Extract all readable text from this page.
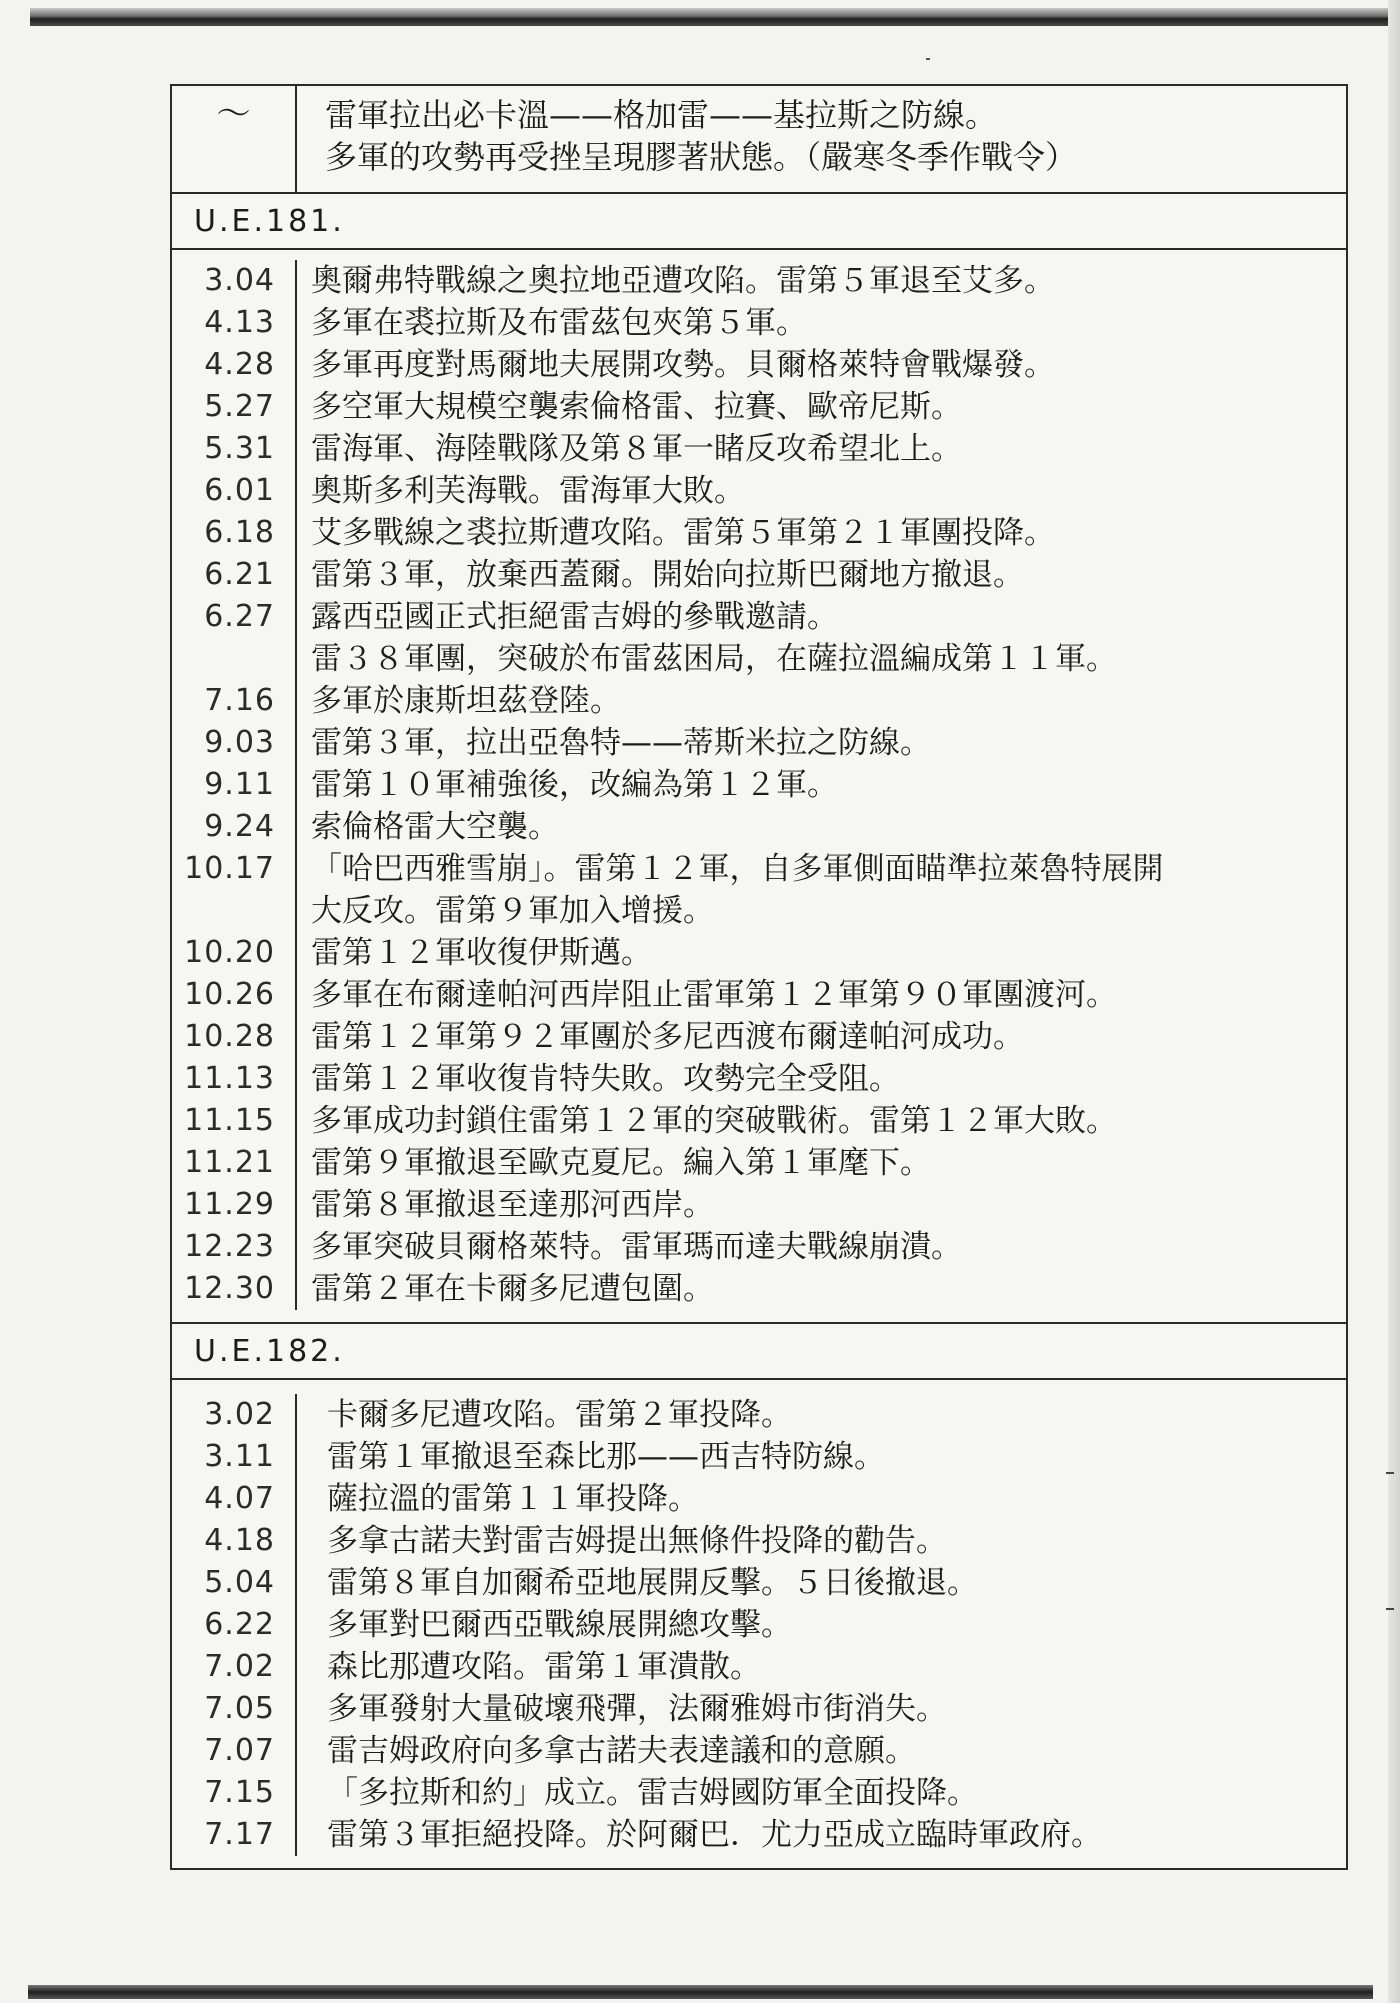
～	雷軍拉出必卡溫——格加雷——基拉斯之防線。
多軍的攻勢再受挫呈現膠著狀態。（嚴寒冬季作戰令）
U.E.181.
3.04	奧爾弗特戰線之奧拉地亞遭攻陷。雷第５軍退至艾多。
4.13	多軍在裘拉斯及布雷茲包夾第５軍。
4.28	多軍再度對馬爾地夫展開攻勢。貝爾格萊特會戰爆發。
5.27	多空軍大規模空襲索倫格雷、拉賽、歐帝尼斯。
5.31	雷海軍、海陸戰隊及第８軍一睹反攻希望北上。
6.01	奧斯多利芙海戰。雷海軍大敗。
6.18	艾多戰線之裘拉斯遭攻陷。雷第５軍第２１軍團投降。
6.21	雷第３軍，放棄西蓋爾。開始向拉斯巴爾地方撤退。
6.27	露西亞國正式拒絕雷吉姆的參戰邀請。
雷３８軍團，突破於布雷茲困局，在薩拉溫編成第１１軍。
7.16	多軍於康斯坦茲登陸。
9.03	雷第３軍，拉出亞魯特——蒂斯米拉之防線。
9.11	雷第１０軍補強後，改編為第１２軍。
9.24	索倫格雷大空襲。
10.17	「哈巴西雅雪崩」。雷第１２軍，自多軍側面瞄準拉萊魯特展開
大反攻。雷第９軍加入增援。
10.20	雷第１２軍收復伊斯邁。
10.26	多軍在布爾達帕河西岸阻止雷軍第１２軍第９０軍團渡河。
10.28	雷第１２軍第９２軍團於多尼西渡布爾達帕河成功。
11.13	雷第１２軍收復肯特失敗。攻勢完全受阻。
11.15	多軍成功封鎖住雷第１２軍的突破戰術。雷第１２軍大敗。
11.21	雷第９軍撤退至歐克夏尼。編入第１軍麾下。
11.29	雷第８軍撤退至達那河西岸。
12.23	多軍突破貝爾格萊特。雷軍瑪而達夫戰線崩潰。
12.30	雷第２軍在卡爾多尼遭包圍。
U.E.182.
3.02	卡爾多尼遭攻陷。雷第２軍投降。
3.11	雷第１軍撤退至森比那——西吉特防線。
4.07	薩拉溫的雷第１１軍投降。
4.18	多拿古諾夫對雷吉姆提出無條件投降的勸告。
5.04	雷第８軍自加爾希亞地展開反擊。５日後撤退。
6.22	多軍對巴爾西亞戰線展開總攻擊。
7.02	森比那遭攻陷。雷第１軍潰散。
7.05	多軍發射大量破壞飛彈，法爾雅姆市街消失。
7.07	雷吉姆政府向多拿古諾夫表達議和的意願。
7.15	「多拉斯和約」成立。雷吉姆國防軍全面投降。
7.17	雷第３軍拒絕投降。於阿爾巴．尤力亞成立臨時軍政府。
